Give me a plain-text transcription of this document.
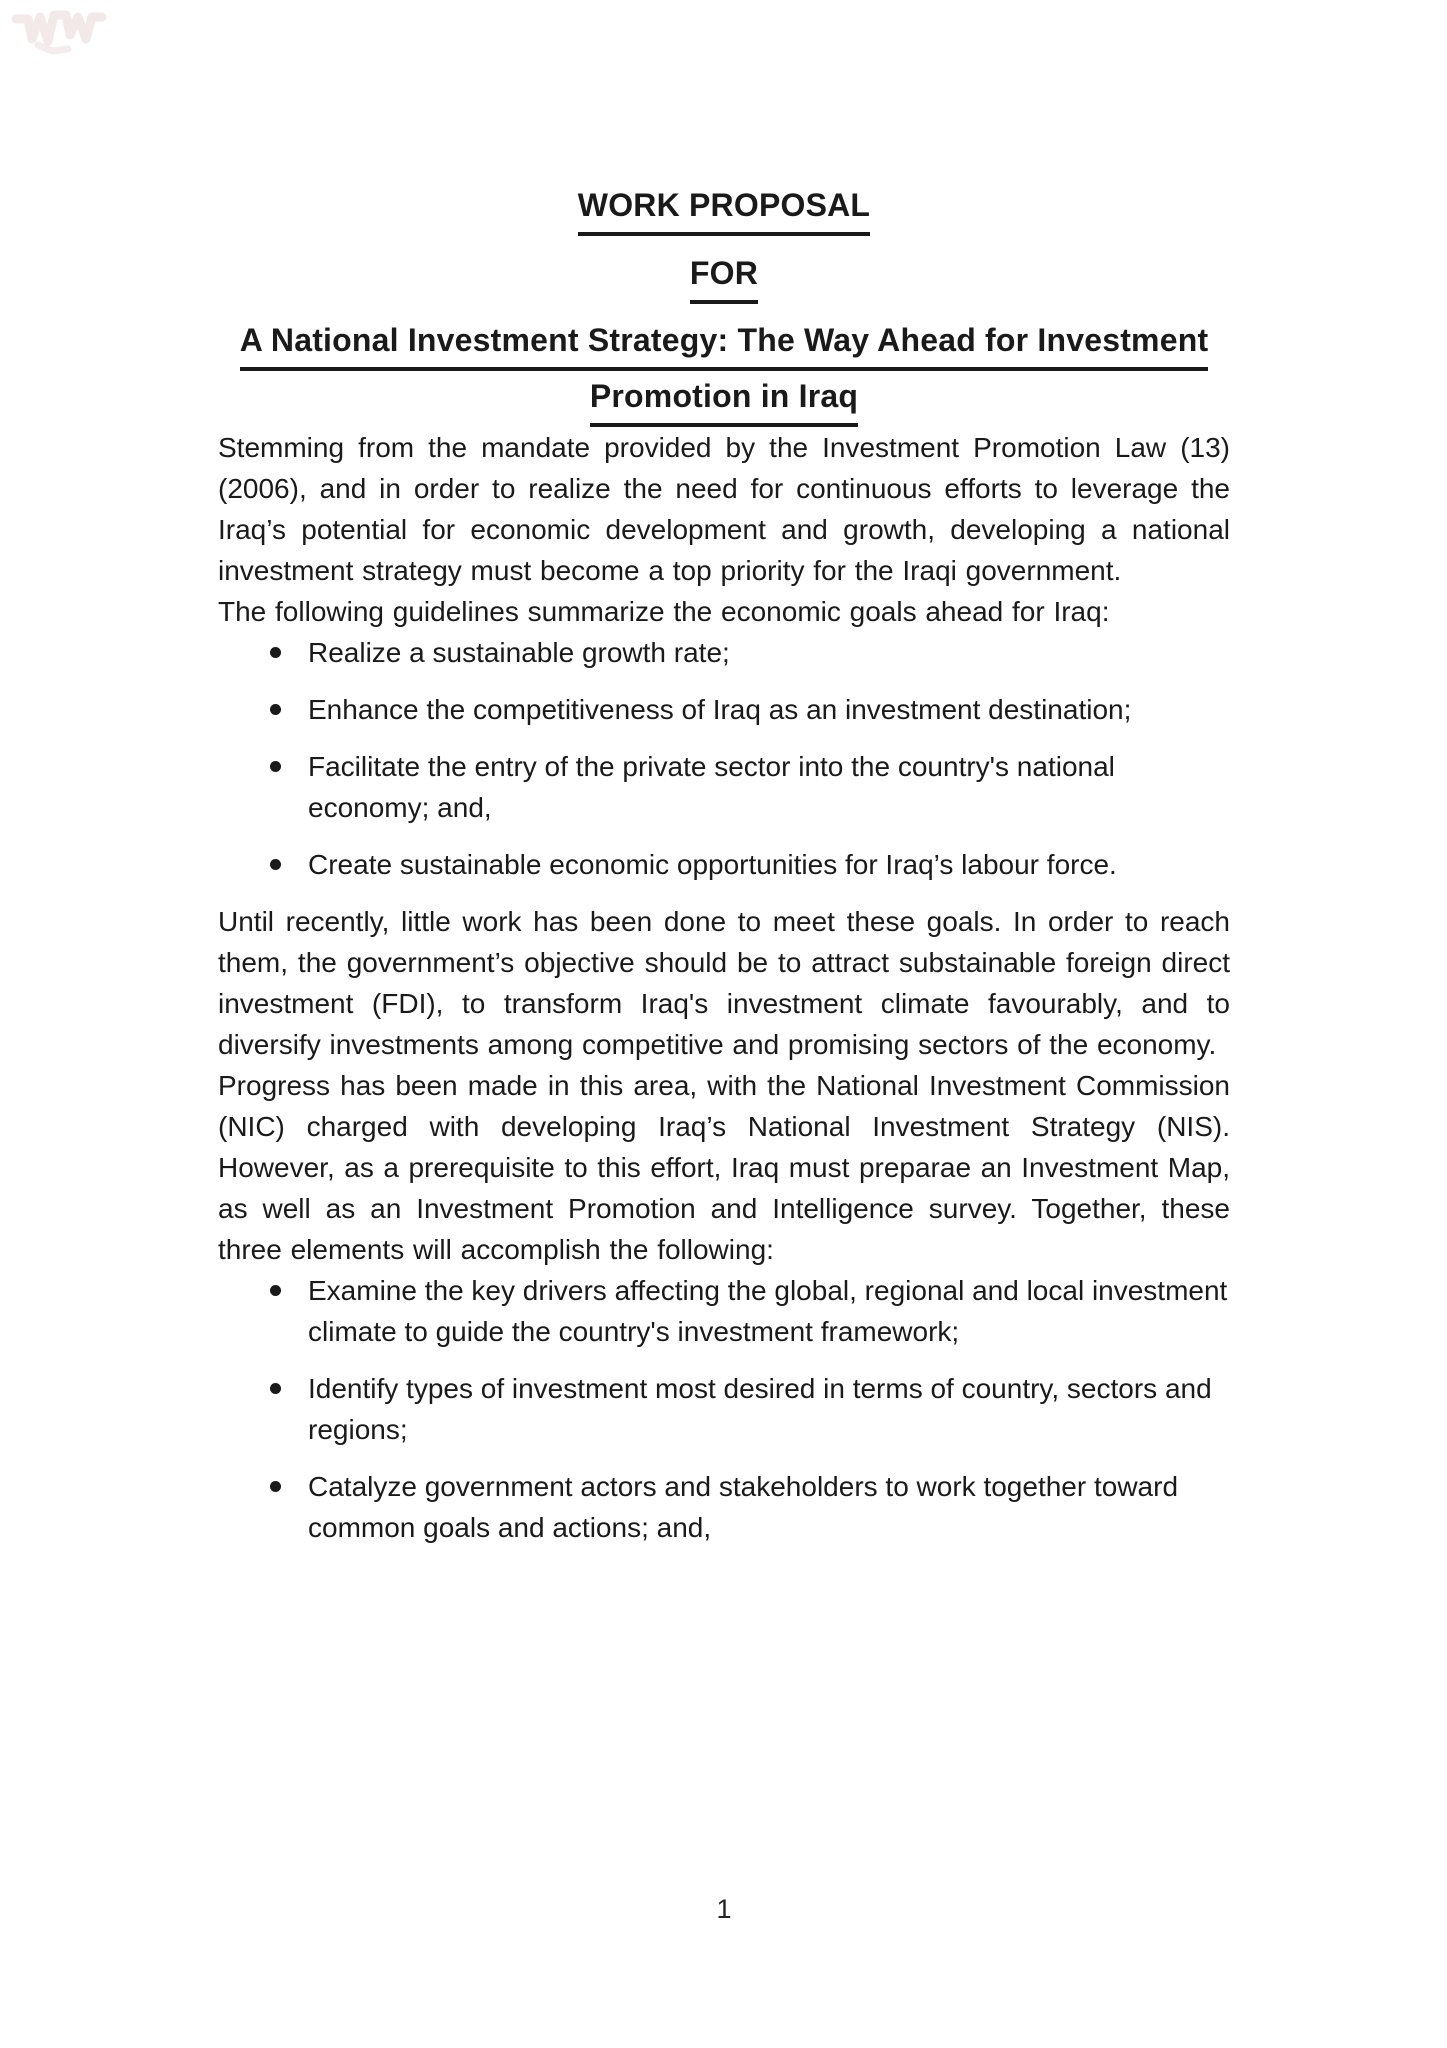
WORK PROPOSAL
FOR
A National Investment Strategy: The Way Ahead for Investment
Promotion in Iraq

Stemming from the mandate provided by the Investment Promotion Law (13) (2006), and in order to realize the need for continuous efforts to leverage the Iraq’s potential for economic development and growth, developing a national investment strategy must become a top priority for the Iraqi government.

The following guidelines summarize the economic goals ahead for Iraq:

Realize a sustainable growth rate;
Enhance the competitiveness of Iraq as an investment destination;
Facilitate the entry of the private sector into the country's national economy; and,
Create sustainable economic opportunities for Iraq’s labour force.

Until recently, little work has been done to meet these goals. In order to reach them, the government’s objective should be to attract substainable foreign direct investment (FDI), to transform Iraq's investment climate favourably, and to diversify investments among competitive and promising sectors of the economy.

Progress has been made in this area, with the National Investment Commission (NIC) charged with developing Iraq’s National Investment Strategy (NIS). However, as a prerequisite to this effort, Iraq must preparae an Investment Map, as well as an Investment Promotion and Intelligence survey. Together, these three elements will accomplish the following:

Examine the key drivers affecting the global, regional and local investment climate to guide the country's investment framework;
Identify types of investment most desired in terms of country, sectors and regions;
Catalyze government actors and stakeholders to work together toward common goals and actions; and,
1
